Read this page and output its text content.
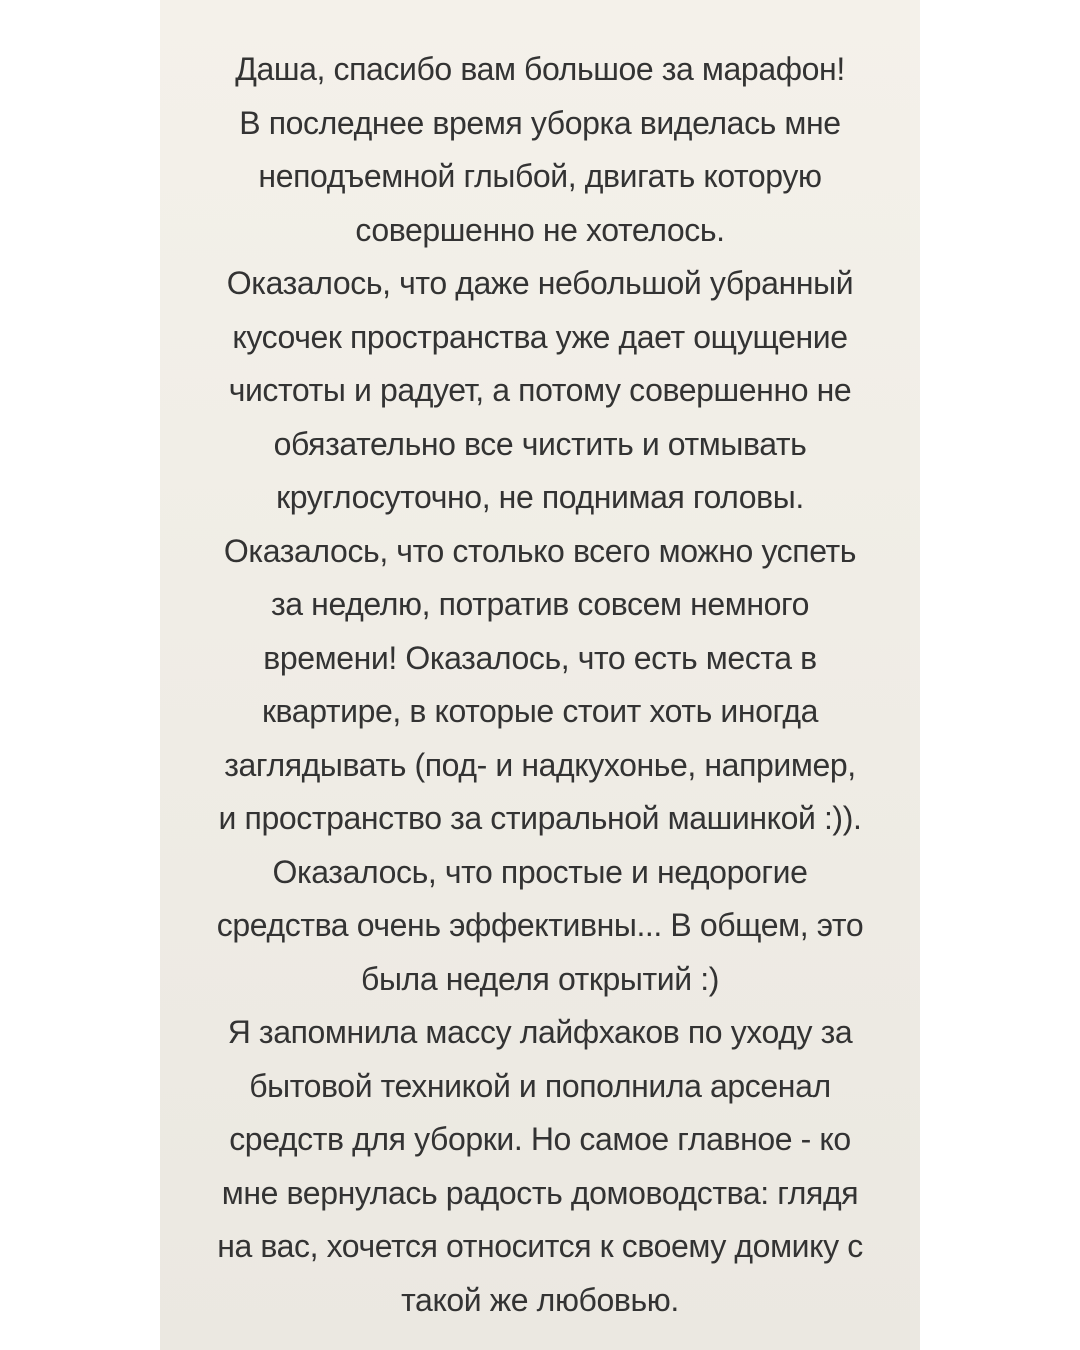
Даша, спасибо вам большое за марафон!
В последнее время уборка виделась мне
неподъемной глыбой, двигать которую
совершенно не хотелось.
Оказалось, что даже небольшой убранный
кусочек пространства уже дает ощущение
чистоты и радует, а потому совершенно не
обязательно все чистить и отмывать
круглосуточно, не поднимая головы.
Оказалось, что столько всего можно успеть
за неделю, потратив совсем немного
времени! Оказалось, что есть места в
квартире, в которые стоит хоть иногда
заглядывать (под- и надкухонье, например,
и пространство за стиральной машинкой :)).
Оказалось, что простые и недорогие
средства очень эффективны... В общем, это
была неделя открытий :)
Я запомнила массу лайфхаков по уходу за
бытовой техникой и пополнила арсенал
средств для уборки. Но самое главное - ко
мне вернулась радость домоводства: глядя
на вас, хочется относится к своему домику с
такой же любовью.
